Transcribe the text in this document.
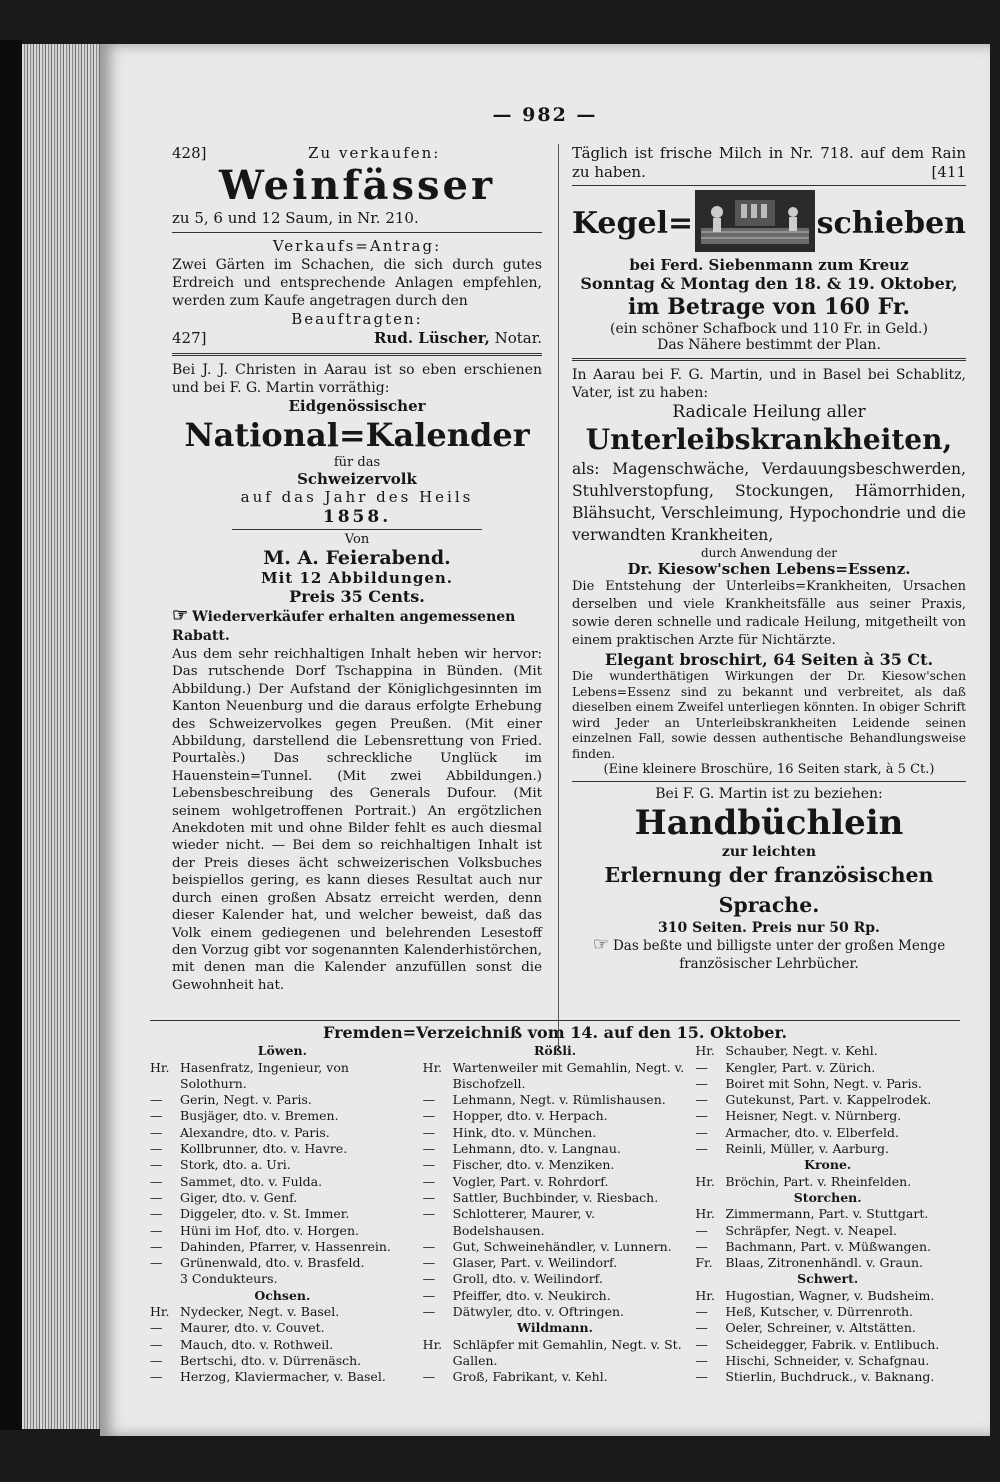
— 982 —
428]	Zu verkaufen:
Weinfässer
zu 5, 6 und 12 Saum, in Nr. 210.
Verkaufs=Antrag:

Zwei Gärten im Schachen, die sich durch gutes Erdreich und entsprechende Anlagen empfehlen, werden zum Kaufe angetragen durch den

Beauftragten:
427]	Rud. Lüscher, Notar.

Bei J. J. Christen in Aarau ist so eben erschienen und bei F. G. Martin vorräthig:

Eidgenössischer
National=Kalender
für das
Schweizervolk
auf das Jahr des Heils
1858.
Von
M. A. Feierabend.
Mit 12 Abbildungen.
Preis 35 Cents.
☞ Wiederverkäufer erhalten angemessenen Rabatt.

Aus dem sehr reichhaltigen Inhalt heben wir hervor: Das rutschende Dorf Tschappina in Bünden. (Mit Abbildung.) Der Aufstand der Königlichgesinnten im Kanton Neuenburg und die daraus erfolgte Erhebung des Schweizervolkes gegen Preußen. (Mit einer Abbildung, darstellend die Lebensrettung von Fried. Pourtalès.) Das schreckliche Unglück im Hauenstein=Tunnel. (Mit zwei Abbildungen.) Lebensbeschreibung des Generals Dufour. (Mit seinem wohlgetroffenen Portrait.) An ergötzlichen Anekdoten mit und ohne Bilder fehlt es auch diesmal wieder nicht. — Bei dem so reichhaltigen Inhalt ist der Preis dieses ächt schweizerischen Volksbuches beispiellos gering, es kann dieses Resultat auch nur durch einen großen Absatz erreicht werden, denn dieser Kalender hat, und welcher beweist, daß das Volk einem gediegenen und belehrenden Lesestoff den Vorzug gibt vor sogenannten Kalenderhistörchen, mit denen man die Kalender anzufüllen sonst die Gewohnheit hat.

Täglich ist frische Milch in Nr. 718. auf dem Rain zu haben.	[411
Kegel=	schieben
bei Ferd. Siebenmann zum Kreuz
Sonntag & Montag den 18. & 19. Oktober,
im Betrage von 160 Fr.
(ein schöner Schafbock und 110 Fr. in Geld.)
Das Nähere bestimmt der Plan.

In Aarau bei F. G. Martin, und in Basel bei Schablitz, Vater, ist zu haben:

Radicale Heilung aller
Unterleibskrankheiten,

als: Magenschwäche, Verdauungsbeschwerden, Stuhlverstopfung, Stockungen, Hämorrhiden, Blähsucht, Verschleimung, Hypochondrie und die verwandten Krankheiten,

durch Anwendung der
Dr. Kiesow'schen Lebens=Essenz.

Die Entstehung der Unterleibs=Krankheiten, Ursachen derselben und viele Krankheitsfälle aus seiner Praxis, sowie deren schnelle und radicale Heilung, mitgetheilt von einem praktischen Arzte für Nichtärzte.

Elegant broschirt, 64 Seiten à 35 Ct.

Die wunderthätigen Wirkungen der Dr. Kiesow'schen Lebens=Essenz sind zu bekannt und verbreitet, als daß dieselben einem Zweifel unterliegen könnten. In obiger Schrift wird Jeder an Unterleibskrankheiten Leidende seinen einzelnen Fall, sowie dessen authentische Behandlungsweise finden.

(Eine kleinere Broschüre, 16 Seiten stark, à 5 Ct.)
Bei F. G. Martin ist zu beziehen:
Handbüchlein
zur leichten
Erlernung der französischen Sprache.
310 Seiten. Preis nur 50 Rp.
☞ Das beßte und billigste unter der großen Menge französischer Lehrbücher.
Fremden=Verzeichniß vom 14. auf den 15. Oktober.
Löwen.
Hr. Hasenfratz, Ingenieur, von Solothurn.
—	Gerin, Negt. v. Paris.
—	Busjäger, dto. v. Bremen.
—	Alexandre, dto. v. Paris.
—	Kollbrunner, dto. v. Havre.
—	Stork, dto. a. Uri.
—	Sammet, dto. v. Fulda.
—	Giger, dto. v. Genf.
—	Diggeler, dto. v. St. Immer.
—	Hüni im Hof, dto. v. Horgen.
—	Dahinden, Pfarrer, v. Hassenrein.
—	Grünenwald, dto. v. Brasfeld.
3 Condukteurs.
Ochsen.
Hr. Nydecker, Negt. v. Basel.
—	Maurer, dto. v. Couvet.
—	Mauch, dto. v. Rothweil.
—	Bertschi, dto. v. Dürrenäsch.
—	Herzog, Klaviermacher, v. Basel.
Rößli.
Hr. Wartenweiler mit Gemahlin, Negt. v. Bischofzell.
—	Lehmann, Negt. v. Rümlishausen.
—	Hopper, dto. v. Herpach.
—	Hink, dto. v. München.
—	Lehmann, dto. v. Langnau.
—	Fischer, dto. v. Menziken.
—	Vogler, Part. v. Rohrdorf.
—	Sattler, Buchbinder, v. Riesbach.
—	Schlotterer, Maurer, v. Bodelshausen.
—	Gut, Schweinehändler, v. Lunnern.
—	Glaser, Part. v. Weilindorf.
—	Groll, dto. v. Weilindorf.
—	Pfeiffer, dto. v. Neukirch.
—	Dätwyler, dto. v. Oftringen.
Wildmann.
Hr. Schläpfer mit Gemahlin, Negt. v. St. Gallen.
—	Groß, Fabrikant, v. Kehl.
Hr. Schauber, Negt. v. Kehl.
—	Kengler, Part. v. Zürich.
—	Boiret mit Sohn, Negt. v. Paris.
—	Gutekunst, Part. v. Kappelrodek.
—	Heisner, Negt. v. Nürnberg.
—	Armacher, dto. v. Elberfeld.
—	Reinli, Müller, v. Aarburg.
Krone.
Hr. Bröchin, Part. v. Rheinfelden.
Storchen.
Hr. Zimmermann, Part. v. Stuttgart.
—	Schräpfer, Negt. v. Neapel.
—	Bachmann, Part. v. Müßwangen.
Fr.	Blaas, Zitronenhändl. v. Graun.
Schwert.
Hr. Hugostian, Wagner, v. Budsheim.
—	Heß, Kutscher, v. Dürrenroth.
—	Oeler, Schreiner, v. Altstätten.
—	Scheidegger, Fabrik. v. Entlibuch.
—	Hischi, Schneider, v. Schafgnau.
—	Stierlin, Buchdruck., v. Baknang.
